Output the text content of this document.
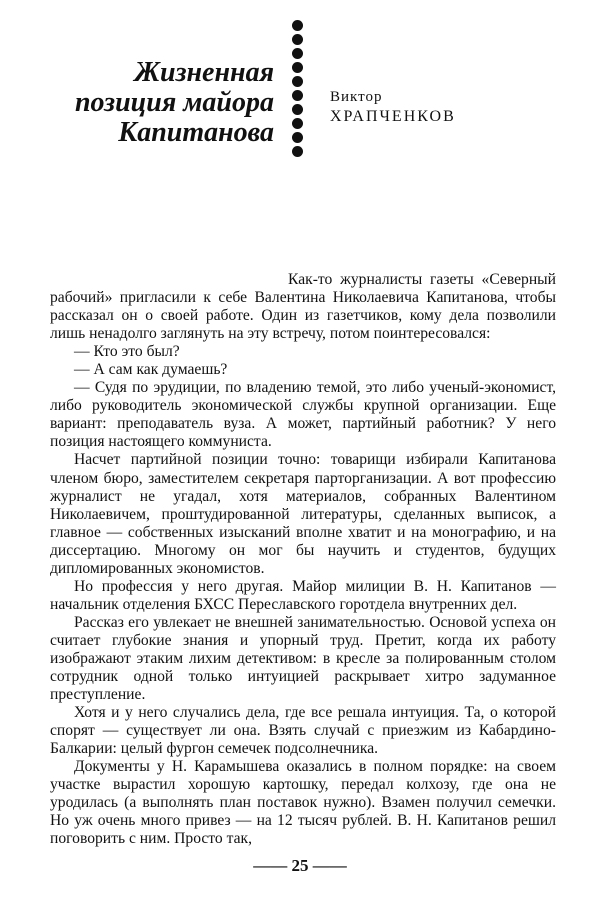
Жизненная
позиция майора
Капитанова
Виктор
ХРАПЧЕНКОВ

Как-то журналисты газеты «Северный рабочий» пригласили к себе Валентина Николаевича Капитанова, чтобы рассказал он о своей работе. Один из газетчиков, кому дела позволили лишь ненадолго заглянуть на эту встречу, потом поинтересовался:

— Кто это был?

— А сам как думаешь?

— Судя по эрудиции, по владению темой, это либо ученый-экономист, либо руководитель экономической службы крупной организации. Еще вариант: преподаватель вуза. А может, партийный работник? У него позиция настоящего коммуниста.

Насчет партийной позиции точно: товарищи избирали Капитанова членом бюро, заместителем секретаря парторганизации. А вот профессию журналист не угадал, хотя материалов, собранных Валентином Николаевичем, проштудированной литературы, сделанных выписок, а главное — собственных изысканий вполне хватит и на монографию, и на диссертацию. Многому он мог бы научить и студентов, будущих дипломированных экономистов.

Но профессия у него другая. Майор милиции В. Н. Капитанов — начальник отделения БХСС Переславского горотдела внутренних дел.

Рассказ его увлекает не внешней занимательностью. Основой успеха он считает глубокие знания и упорный труд. Претит, когда их работу изображают этаким лихим детективом: в кресле за полированным столом сотрудник одной только интуицией раскрывает хитро задуманное преступление.

Хотя и у него случались дела, где все решала интуиция. Та, о которой спорят — существует ли она. Взять случай с приезжим из Кабардино-Балкарии: целый фургон семечек подсолнечника.

Документы у Н. Карамышева оказались в полном порядке: на своем участке вырастил хорошую картошку, передал колхозу, где она не уродилась (а выполнять план поставок нужно). Взамен получил семечки. Но уж очень много привез — на 12 тысяч рублей. В. Н. Капитанов решил поговорить с ним. Просто так,

—— 25 ——
